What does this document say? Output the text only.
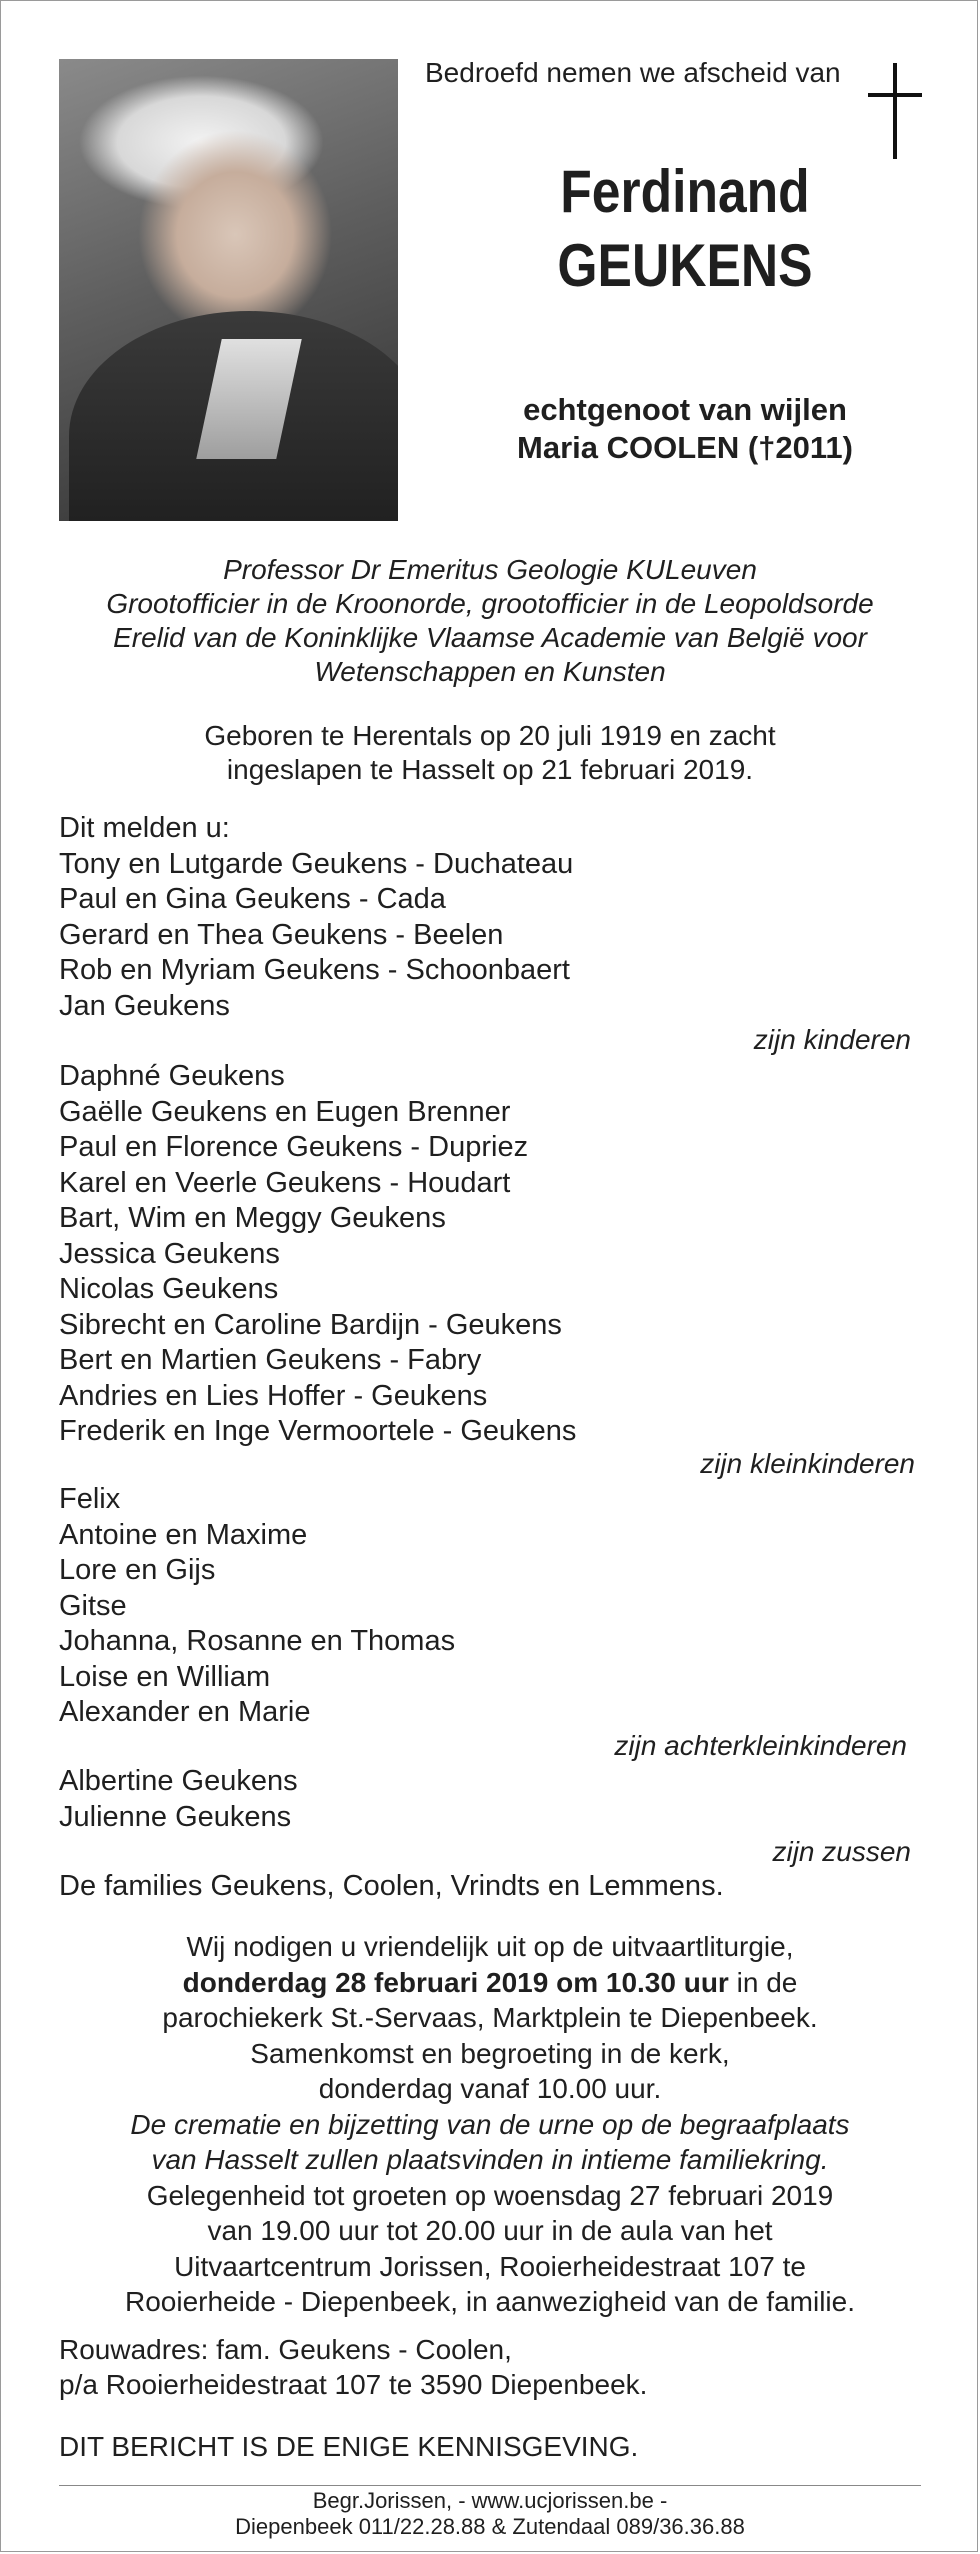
Bedroefd nemen we afscheid van
Ferdinand
GEUKENS
echtgenoot van wijlen
Maria COOLEN (†2011)
Professor Dr Emeritus Geologie KULeuven
Grootofficier in de Kroonorde, grootofficier in de Leopoldsorde
Erelid van de Koninklijke Vlaamse Academie van België voor
Wetenschappen en Kunsten
Geboren te Herentals op 20 juli 1919 en zacht
ingeslapen te Hasselt op 21 februari 2019.
Dit melden u:
Tony en Lutgarde Geukens - Duchateau
Paul en Gina Geukens - Cada
Gerard en Thea Geukens - Beelen
Rob en Myriam Geukens - Schoonbaert
Jan Geukens
zijn kinderen
Daphné Geukens
Gaëlle Geukens en Eugen Brenner
Paul en Florence Geukens - Dupriez
Karel en Veerle Geukens - Houdart
Bart, Wim en Meggy Geukens
Jessica Geukens
Nicolas Geukens
Sibrecht en Caroline Bardijn - Geukens
Bert en Martien Geukens - Fabry
Andries en Lies Hoffer - Geukens
Frederik en Inge Vermoortele - Geukens
zijn kleinkinderen
Felix
Antoine en Maxime
Lore en Gijs
Gitse
Johanna, Rosanne en Thomas
Loise en William
Alexander en Marie
zijn achterkleinkinderen
Albertine Geukens
Julienne Geukens
zijn zussen
De families Geukens, Coolen, Vrindts en Lemmens.
Wij nodigen u vriendelijk uit op de uitvaartliturgie,
donderdag 28 februari 2019 om 10.30 uur in de
parochiekerk St.-Servaas, Marktplein te Diepenbeek.
Samenkomst en begroeting in de kerk,
donderdag vanaf 10.00 uur.
De crematie en bijzetting van de urne op de begraafplaats
van Hasselt zullen plaatsvinden in intieme familiekring.
Gelegenheid tot groeten op woensdag 27 februari 2019
van 19.00 uur tot 20.00 uur in de aula van het
Uitvaartcentrum Jorissen, Rooierheidestraat 107 te
Rooierheide - Diepenbeek, in aanwezigheid van de familie.
Rouwadres: fam. Geukens - Coolen,
p/a Rooierheidestraat 107 te 3590 Diepenbeek.
DIT BERICHT IS DE ENIGE KENNISGEVING.
Begr.Jorissen, - www.ucjorissen.be -
Diepenbeek 011/22.28.88 & Zutendaal 089/36.36.88
